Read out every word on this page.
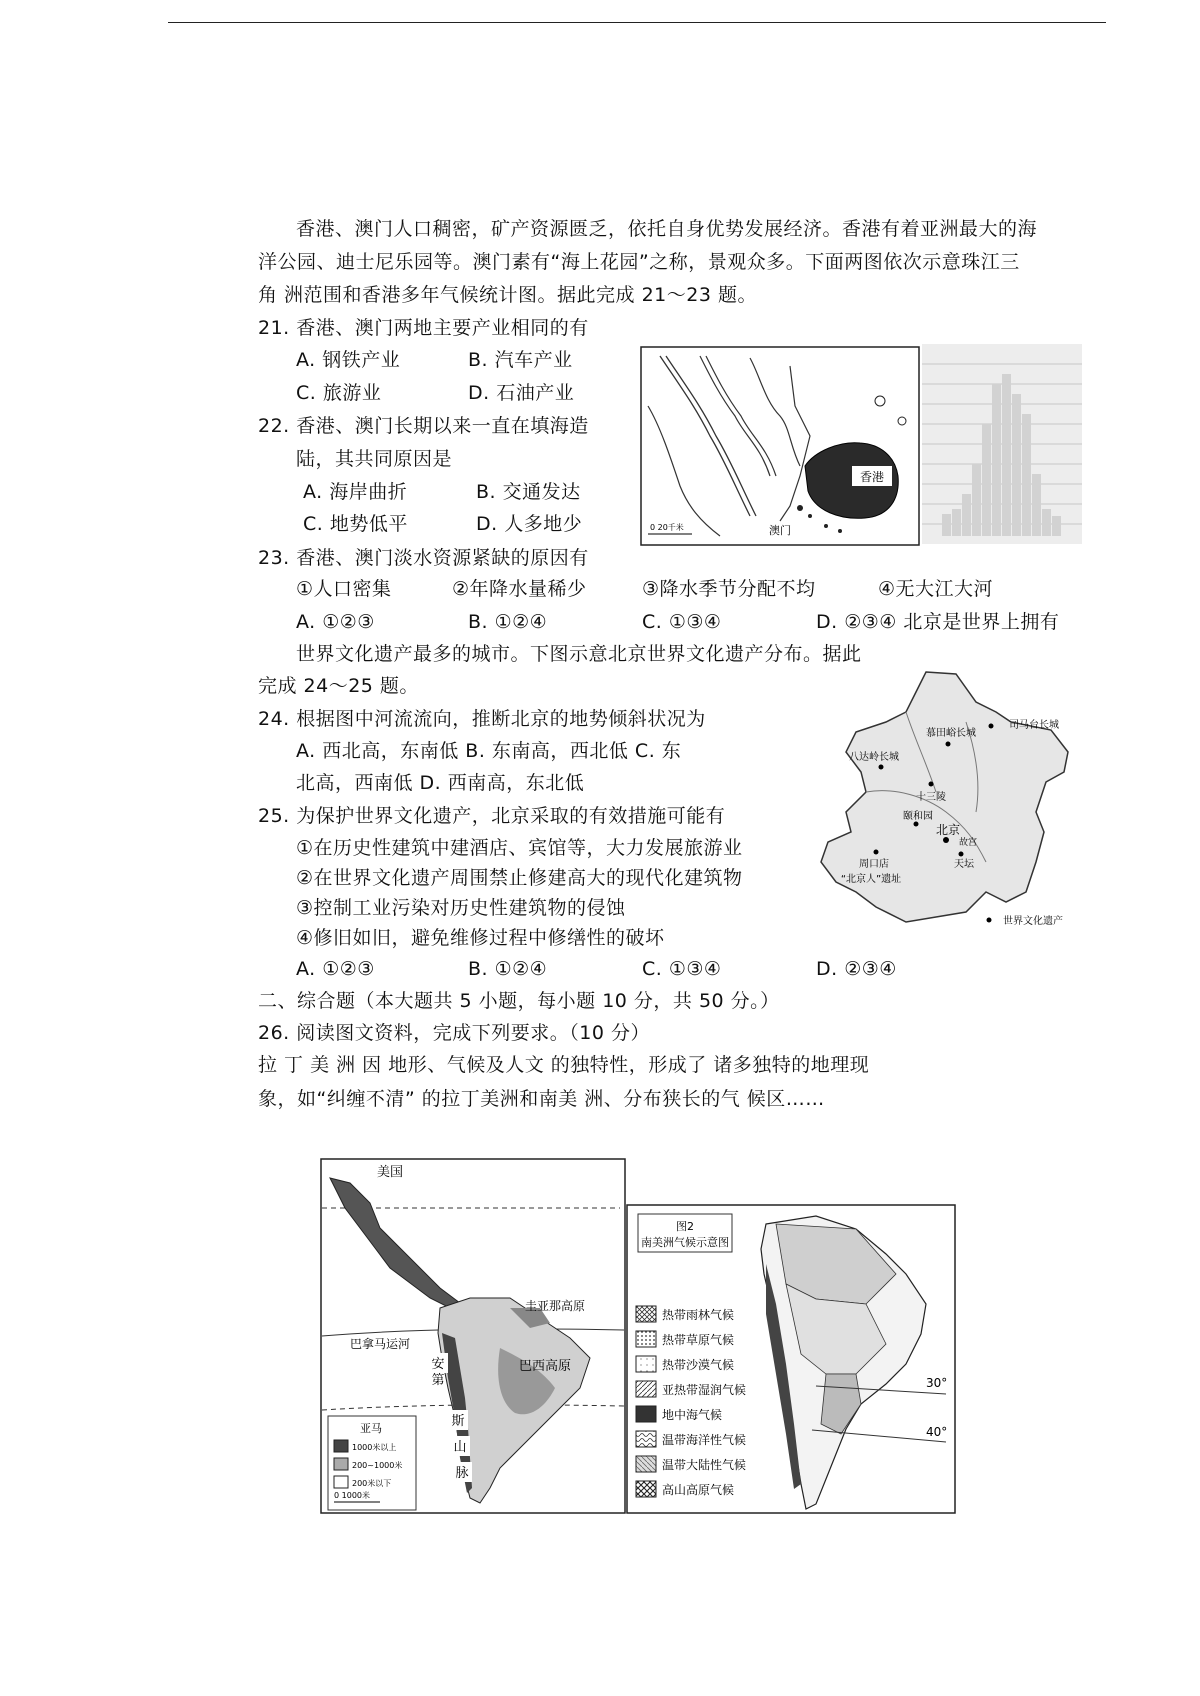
香港、澳门人口稠密，矿产资源匮乏，依托自身优势发展经济。香港有着亚洲最大的海
洋公园、迪士尼乐园等。澳门素有“海上花园”之称，景观众多。下面两图依次示意珠江三
角 洲范围和香港多年气候统计图。据此完成 21～23 题。
21. 香港、澳门两地主要产业相同的有
A. 钢铁产业	B. 汽车产业
C. 旅游业	D. 石油产业
22. 香港、澳门长期以来一直在填海造
陆，其共同原因是
A. 海岸曲折	B. 交通发达
C. 地势低平	D. 人多地少
23. 香港、澳门淡水资源紧缺的原因有
①人口密集	②年降水量稀少	③降水季节分配不均	④无大江大河
A. ①②③	B. ①②④	C. ①③④	D. ②③④ 北京是世界上拥有
世界文化遗产最多的城市。下图示意北京世界文化遗产分布。据此
完成 24～25 题。
24. 根据图中河流流向，推断北京的地势倾斜状况为
A. 西北高，东南低 B. 东南高，西北低 C. 东
北高，西南低 D. 西南高，东北低
25. 为保护世界文化遗产，北京采取的有效措施可能有
①在历史性建筑中建酒店、宾馆等，大力发展旅游业
②在世界文化遗产周围禁止修建高大的现代化建筑物
③控制工业污染对历史性建筑物的侵蚀
④修旧如旧，避免维修过程中修缮性的破坏
A. ①②③	B. ①②④	C. ①③④	D. ②③④
二、综合题（本大题共 5 小题，每小题 10 分，共 50 分。）
26. 阅读图文资料，完成下列要求。（10 分）
拉 丁 美 洲 因 地形、气候及人文 的独特性，形成了 诸多独特的地理现
象，如“纠缠不清” 的拉丁美洲和南美 洲、分布狭长的气 候区……
香港
澳门
0 20千米
司马台长城
慕田峪长城
八达岭长城
十三陵
颐和园
北京
故宫
天坛
周口店
“北京人”遗址
世界文化遗产
美国
圭亚那高原
巴拿马运河
巴西高原
安
第
斯
山
脉
亚马
1000米以上
200~1000米
200米以下
0 1000米
图2
南美洲气候示意图
30°
40°
热带雨林气候
热带草原气候
热带沙漠气候
亚热带湿润气候
地中海气候
温带海洋性气候
温带大陆性气候
高山高原气候
